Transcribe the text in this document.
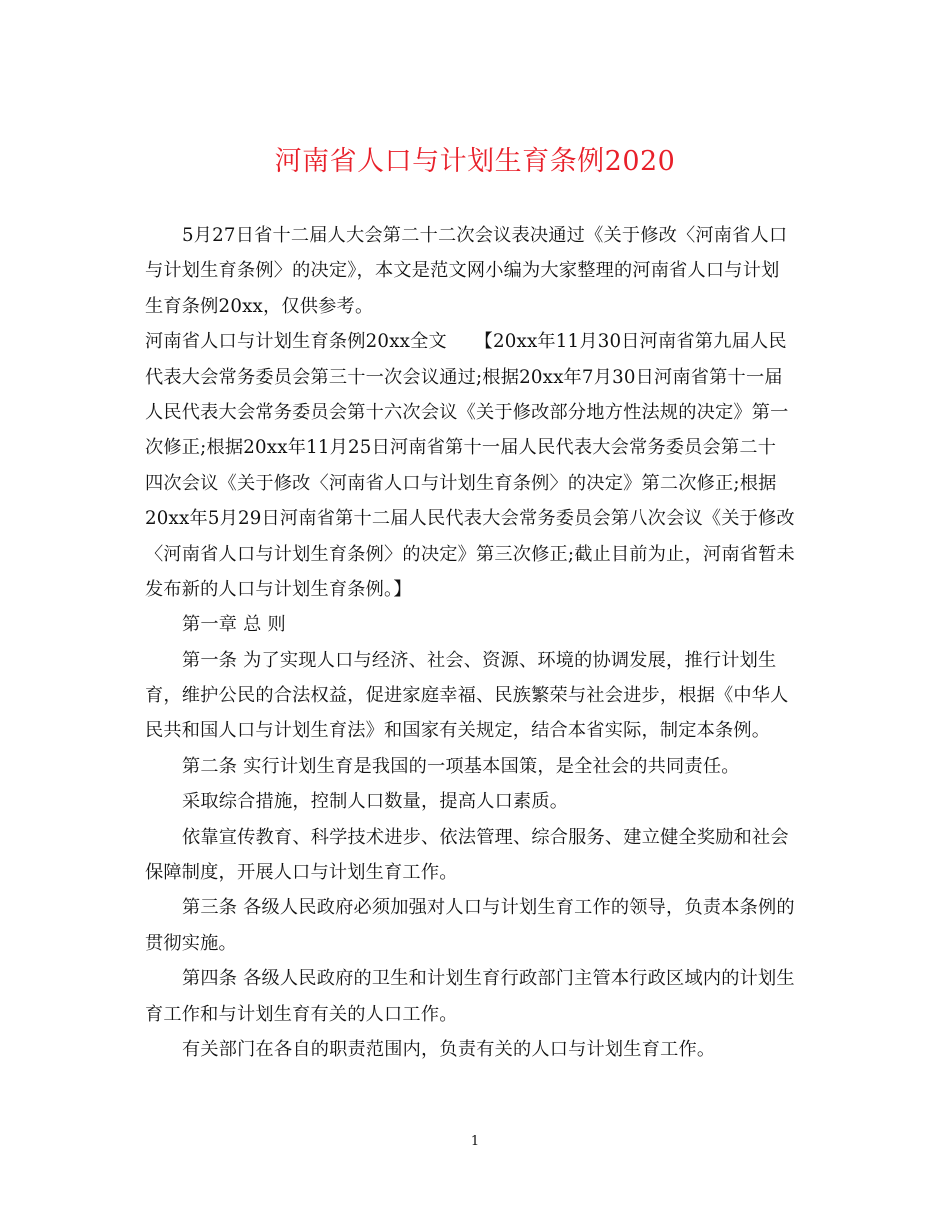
河南省人口与计划生育条例2020
5月27日省十二届人大会第二十二次会议表决通过《关于修改〈河南省人口
与计划生育条例〉的决定》，本文是范文网小编为大家整理的河南省人口与计划
生育条例20xx，仅供参考。
河南省人口与计划生育条例20xx全文　　【20xx年11月30日河南省第九届人民
代表大会常务委员会第三十一次会议通过;根据20xx年7月30日河南省第十一届
人民代表大会常务委员会第十六次会议《关于修改部分地方性法规的决定》第一
次修正;根据20xx年11月25日河南省第十一届人民代表大会常务委员会第二十
四次会议《关于修改〈河南省人口与计划生育条例〉的决定》第二次修正;根据
20xx年5月29日河南省第十二届人民代表大会常务委员会第八次会议《关于修改
〈河南省人口与计划生育条例〉的决定》第三次修正;截止目前为止，河南省暂未
发布新的人口与计划生育条例。】
第一章 总 则
第一条 为了实现人口与经济、社会、资源、环境的协调发展，推行计划生
育，维护公民的合法权益，促进家庭幸福、民族繁荣与社会进步，根据《中华人
民共和国人口与计划生育法》和国家有关规定，结合本省实际，制定本条例。
第二条 实行计划生育是我国的一项基本国策，是全社会的共同责任。
采取综合措施，控制人口数量，提高人口素质。
依靠宣传教育、科学技术进步、依法管理、综合服务、建立健全奖励和社会
保障制度，开展人口与计划生育工作。
第三条 各级人民政府必须加强对人口与计划生育工作的领导，负责本条例的
贯彻实施。
第四条 各级人民政府的卫生和计划生育行政部门主管本行政区域内的计划生
育工作和与计划生育有关的人口工作。
有关部门在各自的职责范围内，负责有关的人口与计划生育工作。
1
